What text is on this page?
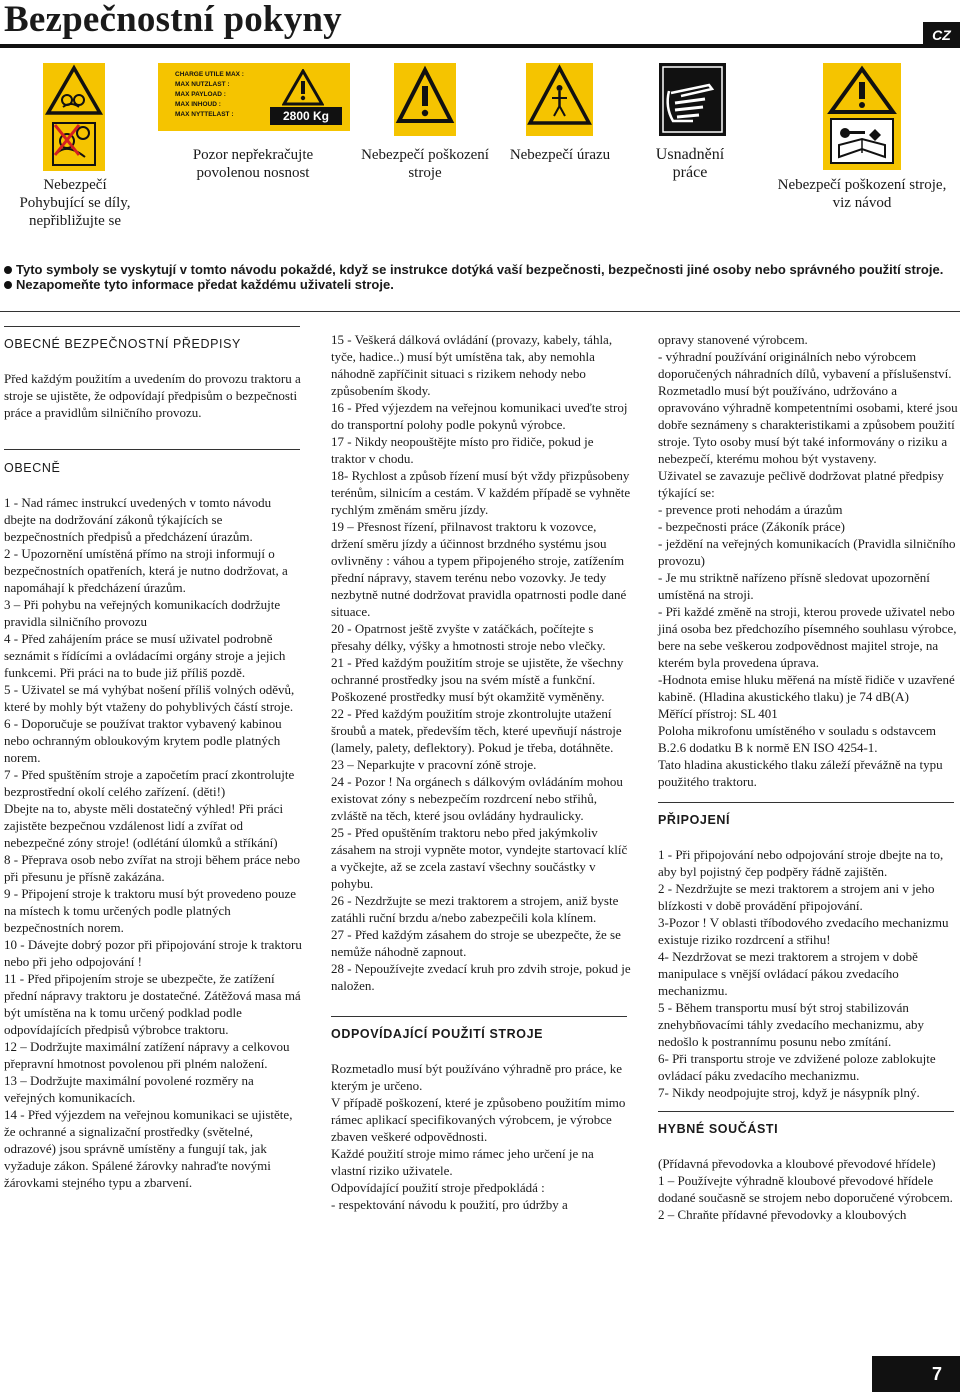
Bezpečnostní pokyny	CZ
Nebezpečí Pohybující se díly, nepřibližujte se
CHARGE UTILE MAX :
MAX NUTZLAST :
MAX PAYLOAD :
MAX INHOUD :
MAX NYTTELAST :	2800 Kg
Pozor nepřekračujte povolenou nosnost
Nebezpečí poškození stroje
Nebezpečí úrazu	Usnadnění práce
Nebezpečí poškození stroje, viz návod
Tyto symboly se vyskytují v tomto návodu pokaždé, když se instrukce dotýká vaší bezpečnosti, bezpečnosti jiné osoby nebo správného použití stroje.
Nezapomeňte tyto informace předat každému uživateli stroje.
OBECNÉ BEZPEČNOSTNÍ PŘEDPISY

Před každým použitím a uvedením do provozu traktoru a stroje se ujistěte, že odpovídají předpisům o bezpečnosti práce a pravidlům silničního provozu.

OBECNĚ

1 - Nad rámec instrukcí uvedených v tomto návodu dbejte na dodržování zákonů týkajících se bezpečnostních předpisů a předcházení úrazům.

2 - Upozornění umístěná přímo na stroji informují o bezpečnostních opatřeních, která je nutno dodržovat, a napomáhají k předcházení úrazům.

3 – Při pohybu na veřejných komunikacích dodržujte pravidla silničního provozu

4 - Před zahájením práce se musí uživatel podrobně seznámit s řídícími a ovládacími orgány stroje a jejich funkcemi. Při práci na to bude již příliš pozdě.

5 - Uživatel se má vyhýbat nošení příliš volných oděvů, které by mohly být vtaženy do pohyblivých částí stroje.

6 - Doporučuje se používat traktor vybavený kabinou nebo ochranným obloukovým krytem podle platných norem.

7 - Před spuštěním stroje a započetím prací zkontrolujte bezprostřední okolí celého zařízení. (děti!)

Dbejte na to, abyste měli dostatečný výhled! Při práci zajistěte bezpečnou vzdálenost lidí a zvířat od nebezpečné zóny stroje! (odlétání úlomků a stříkání)

8 - Přeprava osob nebo zvířat na stroji během práce nebo při přesunu je přísně zakázána.

9 - Připojení stroje k traktoru musí být provedeno pouze na místech k tomu určených podle platných bezpečnostních norem.

10 - Dávejte dobrý pozor při připojování stroje k traktoru nebo při jeho odpojování !

11 - Před připojením stroje se ubezpečte, že zatížení přední nápravy traktoru je dostatečné. Zátěžová masa má být umístěna na k tomu určený podklad podle odpovídajících předpisů výbrobce traktoru.

12 – Dodržujte maximální zatížení nápravy a celkovou přepravní hmotnost povolenou při plném naložení.

13 – Dodržujte maximální povolené rozměry na veřejných komunikacích.

14 - Před výjezdem na veřejnou komunikaci se ujistěte, že ochranné a signalizační prostředky (světelné, odrazové) jsou správně umístěny a fungují tak, jak vyžaduje zákon. Spálené žárovky nahraďte novými žárovkami stejného typu a zbarvení.

15 - Veškerá dálková ovládání (provazy, kabely, táhla, tyče, hadice..) musí být umístěna tak, aby nemohla náhodně zapříčinit situaci s rizikem nehody nebo způsobením škody.

16 - Před výjezdem na veřejnou komunikaci uveďte stroj do transportní polohy podle pokynů výrobce.

17 - Nikdy neopouštějte místo pro řidiče, pokud je traktor v chodu.

18- Rychlost a způsob řízení musí být vždy přizpůsobeny terénům, silnicím a cestám. V každém případě se vyhněte rychlým změnám směru jízdy.

19 – Přesnost řízení, přilnavost traktoru k vozovce, držení směru jízdy a účinnost brzdného systému jsou ovlivněny : váhou a typem připojeného stroje, zatížením přední nápravy, stavem terénu nebo vozovky. Je tedy nezbytně nutné dodržovat pravidla opatrnosti podle dané situace.

20 - Opatrnost ještě zvyšte v zatáčkách, počítejte s přesahy délky, výšky a hmotnosti stroje nebo vlečky.

21 - Před každým použitím stroje se ujistěte, že všechny ochranné prostředky jsou na svém místě a funkční. Poškozené prostředky musí být okamžitě vyměněny.

22 - Před každým použitím stroje zkontrolujte utažení šroubů a matek, především těch, které upevňují nástroje (lamely, palety, deflektory). Pokud je třeba, dotáhněte.

23 – Neparkujte v pracovní zóně stroje.

24 - Pozor ! Na orgánech s dálkovým ovládáním mohou existovat zóny s nebezpečím rozdrcení nebo střihů, zvláště na těch, které jsou ovládány hydraulicky.

25 - Před opuštěním traktoru nebo před jakýmkoliv zásahem na stroji vypněte motor, vyndejte startovací klíč a vyčkejte, až se zcela zastaví všechny součástky v pohybu.

26 - Nezdržujte se mezi traktorem a strojem, aniž byste zatáhli ruční brzdu a/nebo zabezpečili kola klínem.

27 - Před každým zásahem do stroje se ubezpečte, že se nemůže náhodně zapnout.

28 - Nepoužívejte zvedací kruh pro zdvih stroje, pokud je naložen.

ODPOVÍDAJÍCÍ POUŽITÍ STROJE

Rozmetadlo musí být používáno výhradně pro práce, ke kterým je určeno.

V případě poškození, které je způsobeno použitím mimo rámec aplikací specifikovaných výrobcem, je výrobce zbaven veškeré odpovědnosti.

Každé použití stroje mimo rámec jeho určení je na vlastní riziko uživatele.

Odpovídající použití stroje předpokládá :

- respektování návodu k použití, pro údržby a

opravy stanovené výrobcem.

- výhradní používání originálních nebo výrobcem doporučených náhradních dílů, vybavení a příslušenství.

Rozmetadlo musí být používáno, udržováno a opravováno výhradně kompetentními osobami, které jsou dobře seznámeny s charakteristikami a způsobem použití stroje. Tyto osoby musí být také informovány o riziku a nebezpečí, kterému mohou být vystaveny.

Uživatel se zavazuje pečlivě dodržovat platné předpisy týkající se:

- prevence proti nehodám a úrazům

- bezpečnosti práce (Zákoník práce)

- ježdění na veřejných komunikacích (Pravidla silničního provozu)

- Je mu striktně nařízeno přísně sledovat upozornění umístěná na stroji.

- Při každé změně na stroji, kterou provede uživatel nebo jiná osoba bez předchozího písemného souhlasu výrobce, bere na sebe veškerou zodpovědnost majitel stroje, na kterém byla provedena úprava.

-Hodnota emise hluku měřená na místě řidiče v uzavřené kabině. (Hladina akustického tlaku) je 74 dB(A)

Měřící přístroj: SL 401

Poloha mikrofonu umístěného v souladu s odstavcem B.2.6 dodatku B k normě EN ISO 4254-1.

Tato hladina akustického tlaku záleží převážně na typu použitého traktoru.

PŘIPOJENÍ

1 - Při připojování nebo odpojování stroje dbejte na to, aby byl pojistný čep podpěry řádně zajištěn.

2 - Nezdržujte se mezi traktorem a strojem ani v jeho blízkosti v době provádění připojování.

3-Pozor ! V oblasti tříbodového zvedacího mechanizmu existuje riziko rozdrcení a střihu!

4- Nezdržovat se mezi traktorem a strojem v době manipulace s vnější ovládací pákou zvedacího mechanizmu.

5 - Během transportu musí být stroj stabilizován znehybňovacími táhly zvedacího mechanizmu, aby nedošlo k postrannímu posunu nebo zmítání.

6- Při transportu stroje ve zdvižené poloze zablokujte ovládací páku zvedacího mechanizmu.

7- Nikdy neodpojujte stroj, když je násypník plný.

HYBNÉ SOUČÁSTI

(Přídavná převodovka a kloubové převodové hřídele)

1 – Používejte výhradně kloubové převodové hřídele dodané současně se strojem nebo doporučené výrobcem.

2 – Chraňte přídavné převodovky a kloubových

7
